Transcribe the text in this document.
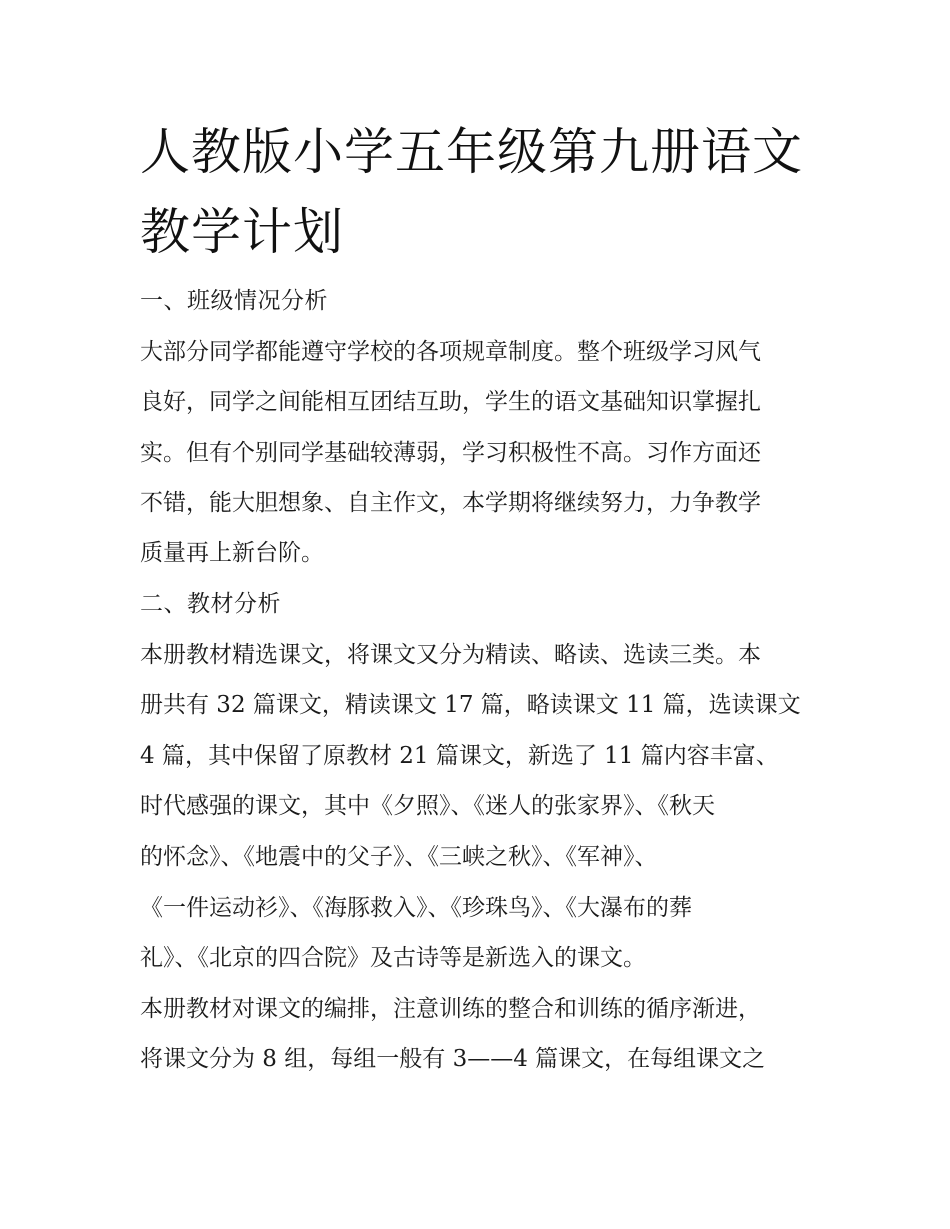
人教版小学五年级第九册语文教学计划

一、班级情况分析

大部分同学都能遵守学校的各项规章制度。整个班级学习风气

良好，同学之间能相互团结互助，学生的语文基础知识掌握扎

实。但有个别同学基础较薄弱，学习积极性不高。习作方面还

不错，能大胆想象、自主作文，本学期将继续努力，力争教学

质量再上新台阶。

二、教材分析

本册教材精选课文，将课文又分为精读、略读、选读三类。本

册共有 32 篇课文，精读课文 17 篇，略读课文 11 篇，选读课文

4 篇，其中保留了原教材 21 篇课文，新选了 11 篇内容丰富、

时代感强的课文，其中《夕照》、《迷人的张家界》、《秋天

的怀念》、《地震中的父子》、《三峡之秋》、《军神》、

《一件运动衫》、《海豚救入》、《珍珠鸟》、《大瀑布的葬

礼》、《北京的四合院》及古诗等是新选入的课文。

本册教材对课文的编排，注意训练的整合和训练的循序渐进，

将课文分为 8 组，每组一般有 3——4 篇课文，在每组课文之
